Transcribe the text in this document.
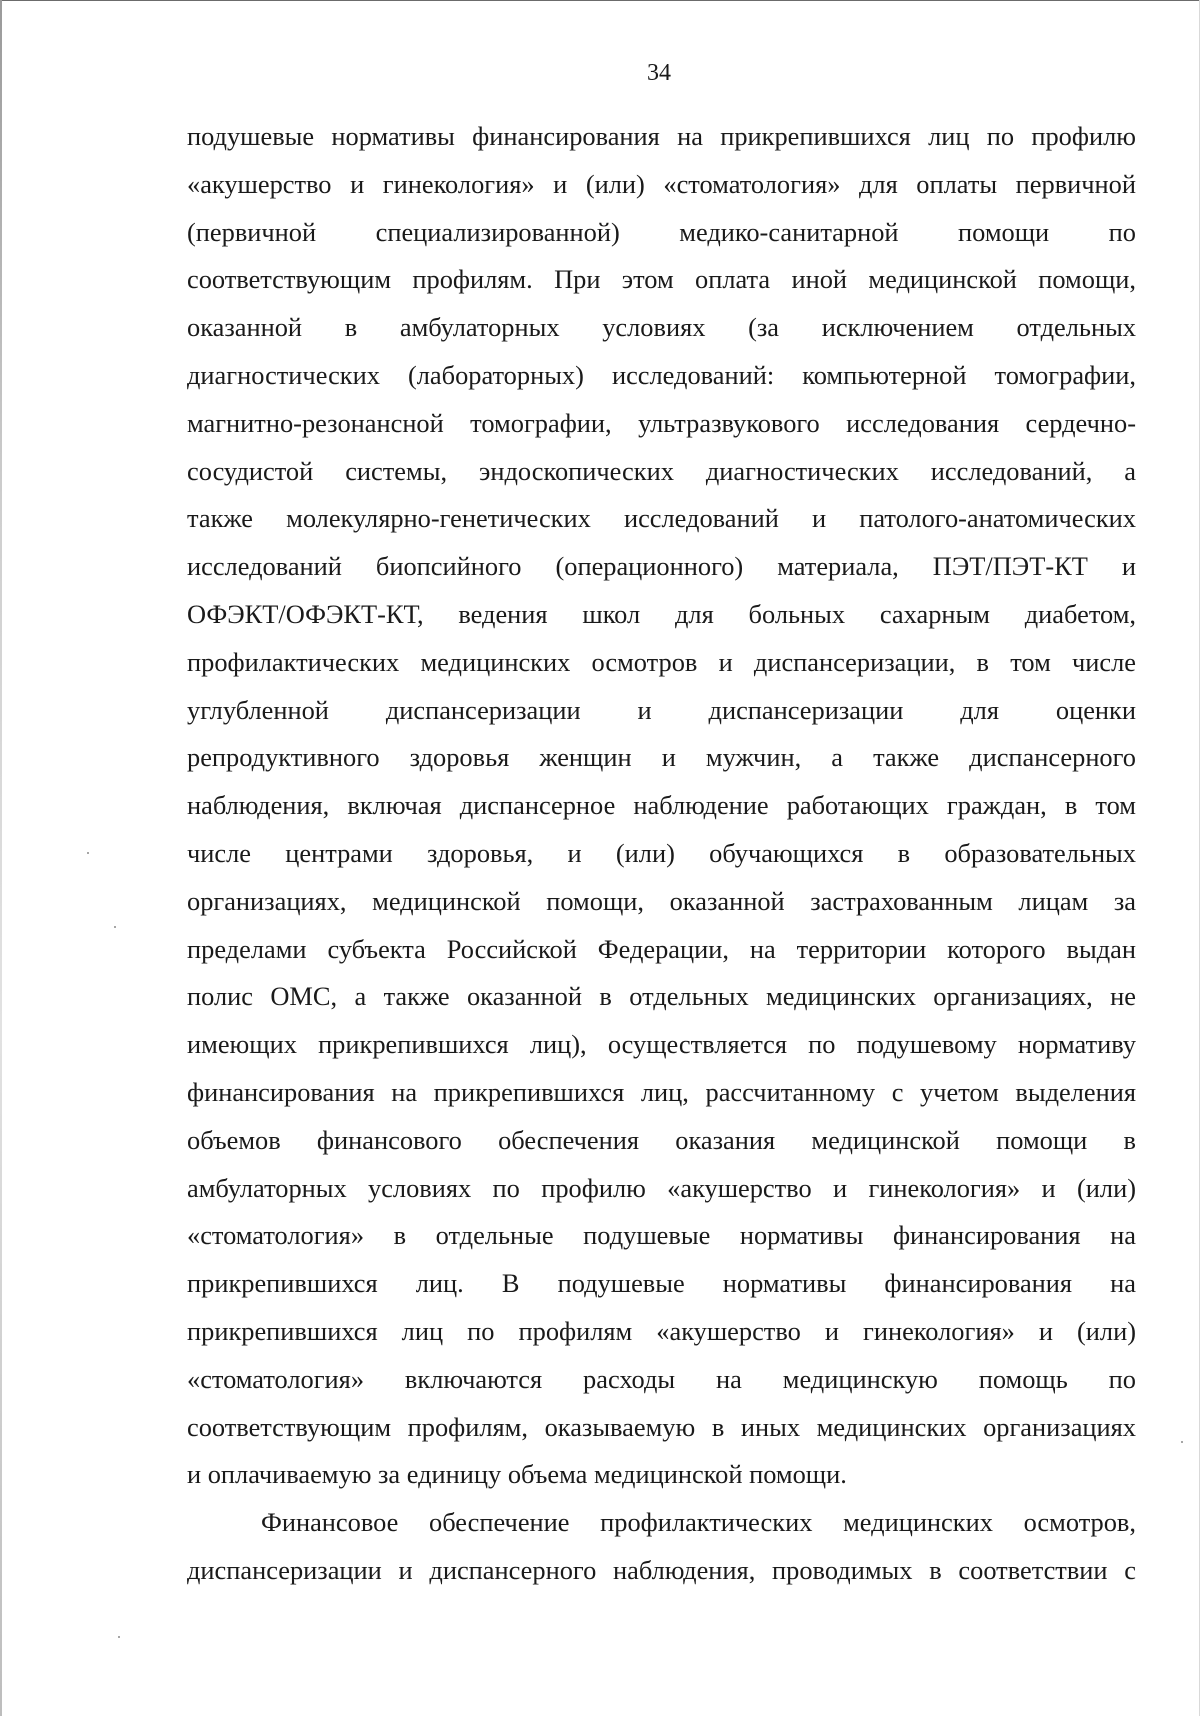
34
подушевые нормативы финансирования на прикрепившихся лиц по профилю
«акушерство и гинекология» и (или) «стоматология» для оплаты первичной
(первичной специализированной) медико-санитарной помощи по
соответствующим профилям. При этом оплата иной медицинской помощи,
оказанной в амбулаторных условиях (за исключением отдельных
диагностических (лабораторных) исследований: компьютерной томографии,
магнитно-резонансной томографии, ультразвукового исследования сердечно-
сосудистой системы, эндоскопических диагностических исследований, а
также молекулярно-генетических исследований и патолого-анатомических
исследований биопсийного (операционного) материала, ПЭТ/ПЭТ-КТ и
ОФЭКТ/ОФЭКТ-КТ, ведения школ для больных сахарным диабетом,
профилактических медицинских осмотров и диспансеризации, в том числе
углубленной диспансеризации и диспансеризации для оценки
репродуктивного здоровья женщин и мужчин, а также диспансерного
наблюдения, включая диспансерное наблюдение работающих граждан, в том
числе центрами здоровья, и (или) обучающихся в образовательных
организациях, медицинской помощи, оказанной застрахованным лицам за
пределами субъекта Российской Федерации, на территории которого выдан
полис ОМС, а также оказанной в отдельных медицинских организациях, не
имеющих прикрепившихся лиц), осуществляется по подушевому нормативу
финансирования на прикрепившихся лиц, рассчитанному с учетом выделения
объемов финансового обеспечения оказания медицинской помощи в
амбулаторных условиях по профилю «акушерство и гинекология» и (или)
«стоматология» в отдельные подушевые нормативы финансирования на
прикрепившихся лиц. В подушевые нормативы финансирования на
прикрепившихся лиц по профилям «акушерство и гинекология» и (или)
«стоматология» включаются расходы на медицинскую помощь по
соответствующим профилям, оказываемую в иных медицинских организациях
и оплачиваемую за единицу объема медицинской помощи.
Финансовое обеспечение профилактических медицинских осмотров,
диспансеризации и диспансерного наблюдения, проводимых в соответствии с
